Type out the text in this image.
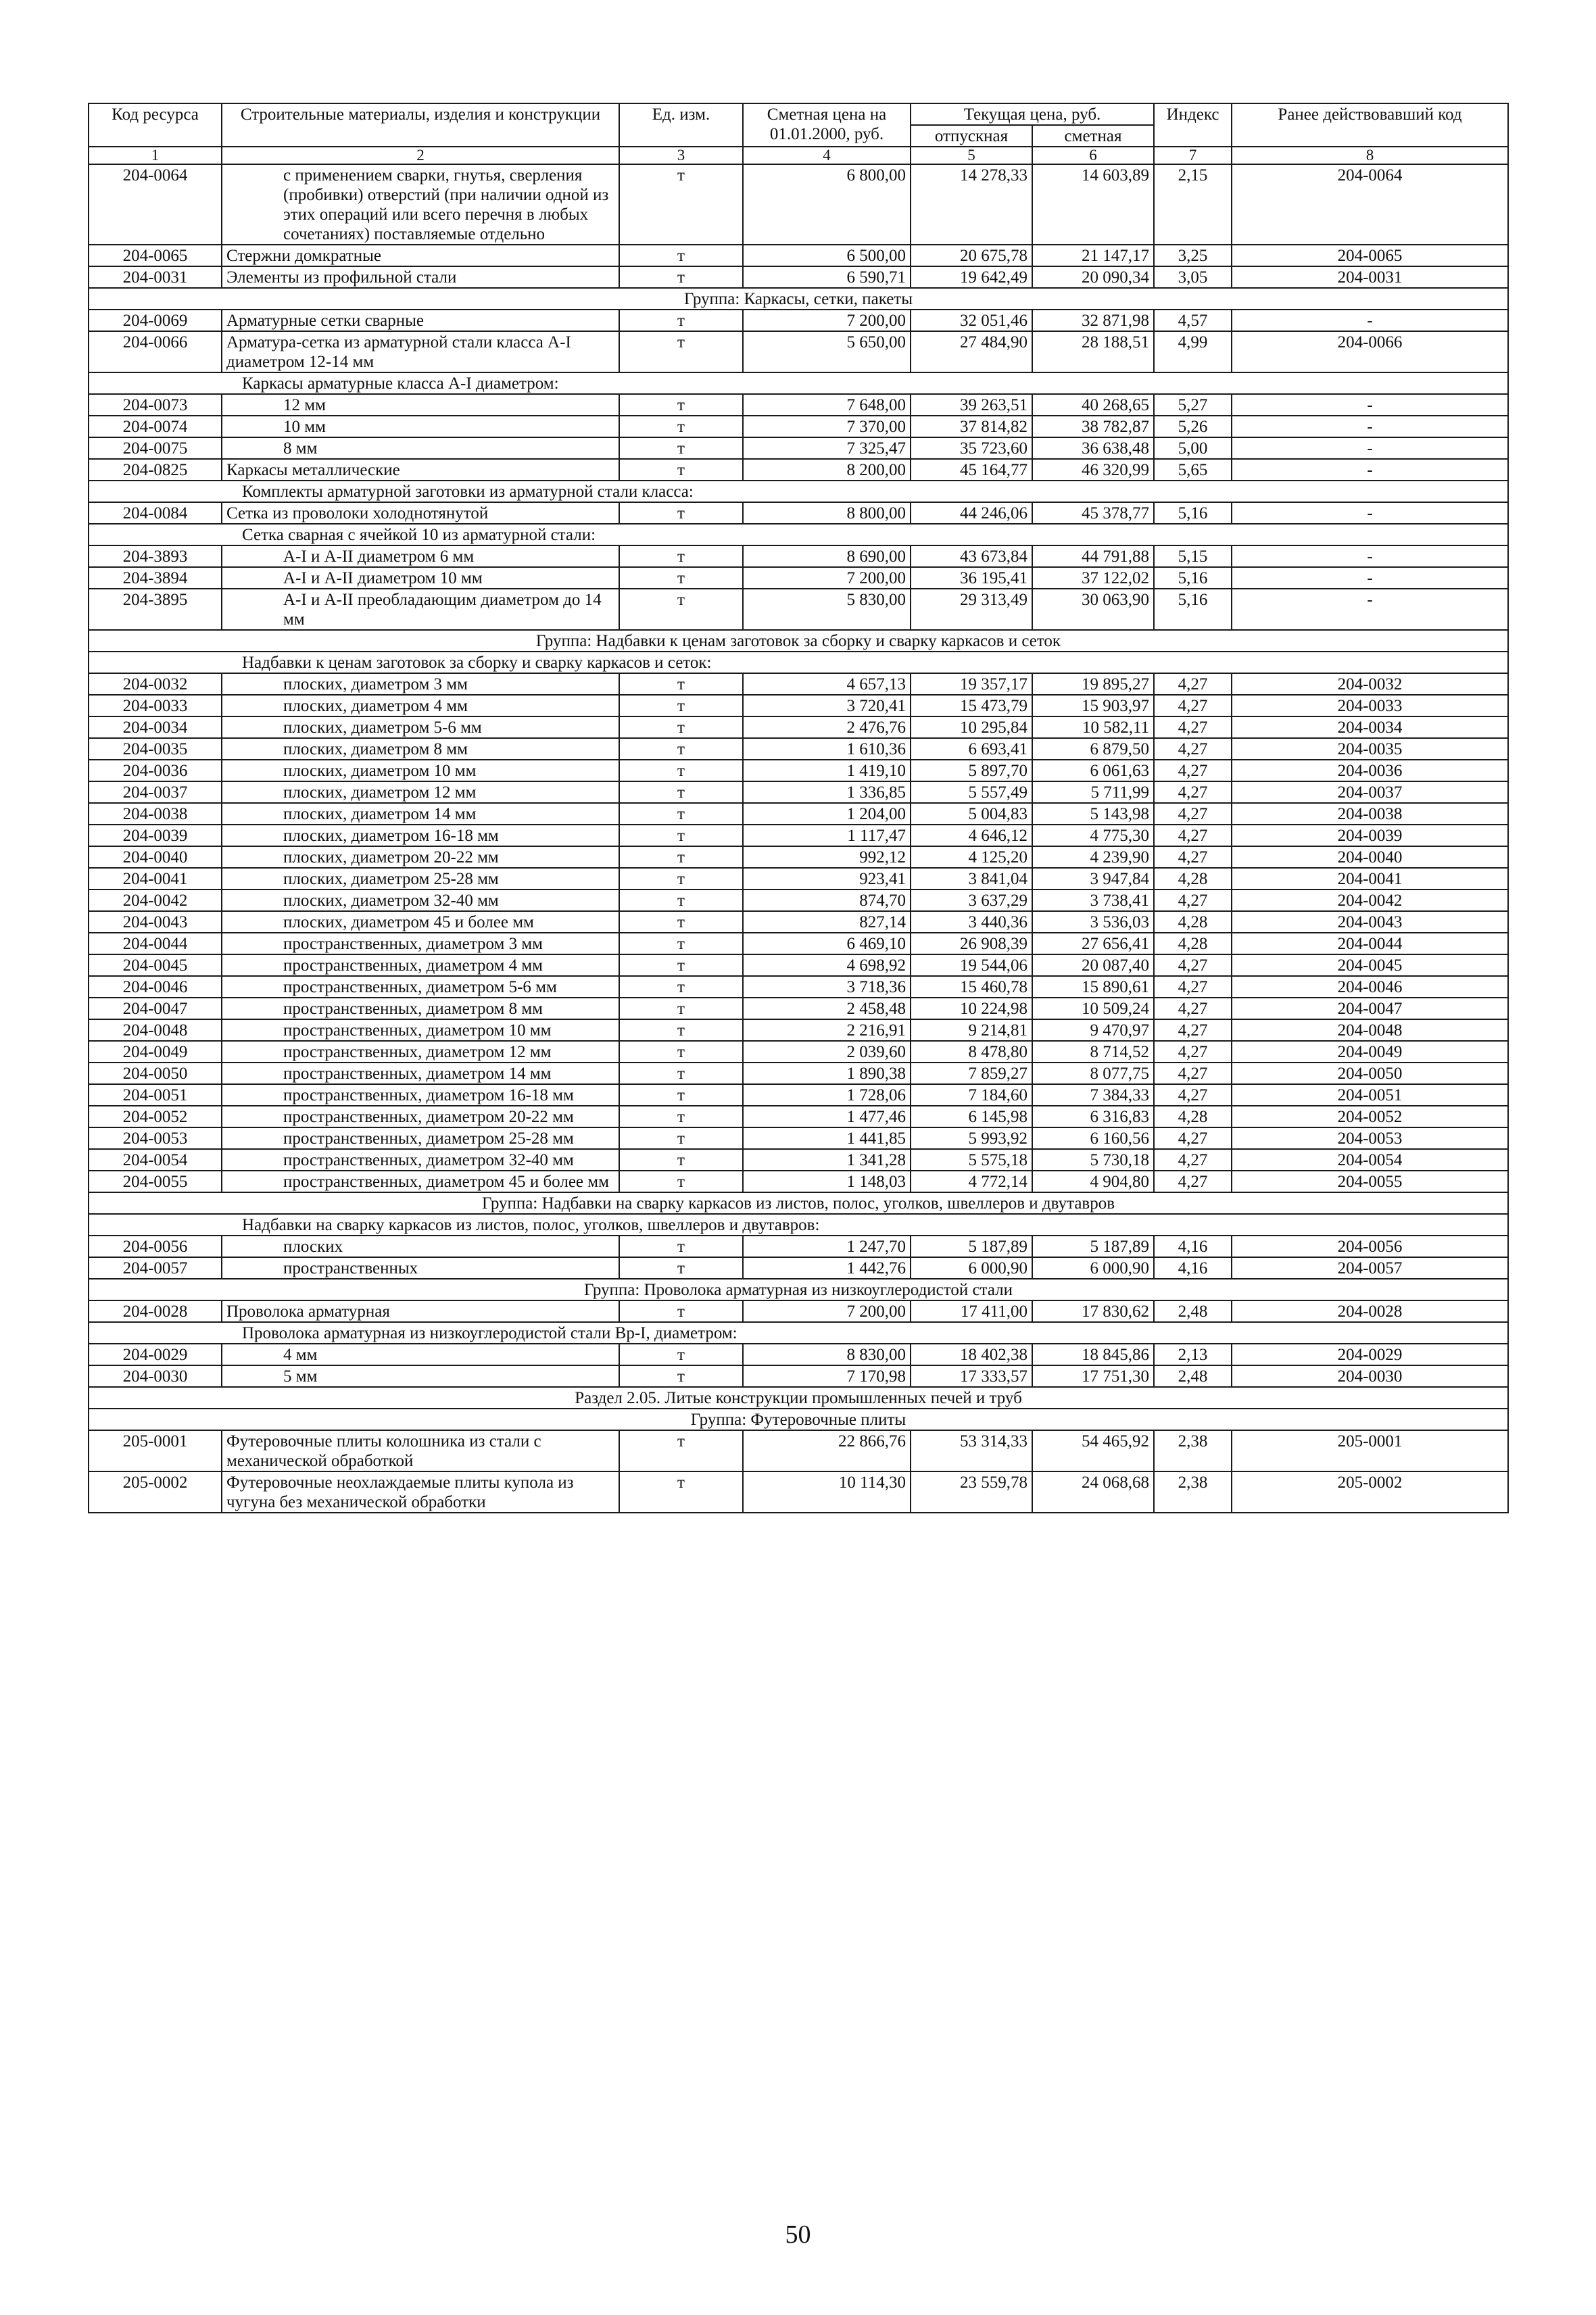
Код ресурса	Строительные материалы, изделия и конструкции	Ед. изм.	Сметная цена на 01.01.2000, руб.	Текущая цена, руб.		Индекс	Ранее действовавший код
				отпускная	сметная		
1	2	3	4	5	6	7	8
204-0064	с применением сварки, гнутья, сверления (пробивки) отверстий (при наличии одной из этих операций или всего перечня в любых сочетаниях) поставляемые отдельно	т	6 800,00	14 278,33	14 603,89	2,15	204-0064
204-0065	Стержни домкратные	т	6 500,00	20 675,78	21 147,17	3,25	204-0065
204-0031	Элементы из профильной стали	т	6 590,71	19 642,49	20 090,34	3,05	204-0031
Группа: Каркасы, сетки, пакеты							
204-0069	Арматурные сетки сварные	т	7 200,00	32 051,46	32 871,98	4,57	-
204-0066	Арматура-сетка из арматурной стали класса А-I диаметром 12-14 мм	т	5 650,00	27 484,90	28 188,51	4,99	204-0066
Каркасы арматурные класса А-I диаметром:							
204-0073	12 мм	т	7 648,00	39 263,51	40 268,65	5,27	-
204-0074	10 мм	т	7 370,00	37 814,82	38 782,87	5,26	-
204-0075	8 мм	т	7 325,47	35 723,60	36 638,48	5,00	-
204-0825	Каркасы металлические	т	8 200,00	45 164,77	46 320,99	5,65	-
Комплекты арматурной заготовки из арматурной стали класса:							
204-0084	Сетка из проволоки холоднотянутой	т	8 800,00	44 246,06	45 378,77	5,16	-
Сетка сварная с ячейкой 10 из арматурной стали:							
204-3893	А-I и А-II диаметром 6 мм	т	8 690,00	43 673,84	44 791,88	5,15	-
204-3894	А-I и А-II диаметром 10 мм	т	7 200,00	36 195,41	37 122,02	5,16	-
204-3895	А-I и А-II преобладающим диаметром до 14 мм	т	5 830,00	29 313,49	30 063,90	5,16	-
Группа: Надбавки к ценам заготовок за сборку и сварку каркасов и сеток							
Надбавки к ценам заготовок за сборку и сварку каркасов и сеток:							
204-0032	плоских, диаметром 3 мм	т	4 657,13	19 357,17	19 895,27	4,27	204-0032
204-0033	плоских, диаметром 4 мм	т	3 720,41	15 473,79	15 903,97	4,27	204-0033
204-0034	плоских, диаметром 5-6 мм	т	2 476,76	10 295,84	10 582,11	4,27	204-0034
204-0035	плоских, диаметром 8 мм	т	1 610,36	6 693,41	6 879,50	4,27	204-0035
204-0036	плоских, диаметром 10 мм	т	1 419,10	5 897,70	6 061,63	4,27	204-0036
204-0037	плоских, диаметром 12 мм	т	1 336,85	5 557,49	5 711,99	4,27	204-0037
204-0038	плоских, диаметром 14 мм	т	1 204,00	5 004,83	5 143,98	4,27	204-0038
204-0039	плоских, диаметром 16-18 мм	т	1 117,47	4 646,12	4 775,30	4,27	204-0039
204-0040	плоских, диаметром 20-22 мм	т	992,12	4 125,20	4 239,90	4,27	204-0040
204-0041	плоских, диаметром 25-28 мм	т	923,41	3 841,04	3 947,84	4,28	204-0041
204-0042	плоских, диаметром 32-40 мм	т	874,70	3 637,29	3 738,41	4,27	204-0042
204-0043	плоских, диаметром 45 и более мм	т	827,14	3 440,36	3 536,03	4,28	204-0043
204-0044	пространственных, диаметром 3 мм	т	6 469,10	26 908,39	27 656,41	4,28	204-0044
204-0045	пространственных, диаметром 4 мм	т	4 698,92	19 544,06	20 087,40	4,27	204-0045
204-0046	пространственных, диаметром 5-6 мм	т	3 718,36	15 460,78	15 890,61	4,27	204-0046
204-0047	пространственных, диаметром 8 мм	т	2 458,48	10 224,98	10 509,24	4,27	204-0047
204-0048	пространственных, диаметром 10 мм	т	2 216,91	9 214,81	9 470,97	4,27	204-0048
204-0049	пространственных, диаметром 12 мм	т	2 039,60	8 478,80	8 714,52	4,27	204-0049
204-0050	пространственных, диаметром 14 мм	т	1 890,38	7 859,27	8 077,75	4,27	204-0050
204-0051	пространственных, диаметром 16-18 мм	т	1 728,06	7 184,60	7 384,33	4,27	204-0051
204-0052	пространственных, диаметром 20-22 мм	т	1 477,46	6 145,98	6 316,83	4,28	204-0052
204-0053	пространственных, диаметром 25-28 мм	т	1 441,85	5 993,92	6 160,56	4,27	204-0053
204-0054	пространственных, диаметром 32-40 мм	т	1 341,28	5 575,18	5 730,18	4,27	204-0054
204-0055	пространственных, диаметром 45 и более мм	т	1 148,03	4 772,14	4 904,80	4,27	204-0055
Группа: Надбавки на сварку каркасов из листов, полос, уголков, швеллеров и двутавров							
Надбавки на сварку каркасов из листов, полос, уголков, швеллеров и двутавров:							
204-0056	плоских	т	1 247,70	5 187,89	5 187,89	4,16	204-0056
204-0057	пространственных	т	1 442,76	6 000,90	6 000,90	4,16	204-0057
Группа: Проволока арматурная из низкоуглеродистой стали							
204-0028	Проволока арматурная	т	7 200,00	17 411,00	17 830,62	2,48	204-0028
Проволока арматурная из низкоуглеродистой стали Вр-I, диаметром:							
204-0029	4 мм	т	8 830,00	18 402,38	18 845,86	2,13	204-0029
204-0030	5 мм	т	7 170,98	17 333,57	17 751,30	2,48	204-0030
Раздел 2.05. Литые конструкции промышленных печей и труб							
Группа: Футеровочные плиты							
205-0001	Футеровочные плиты колошника из стали с механической обработкой	т	22 866,76	53 314,33	54 465,92	2,38	205-0001
205-0002	Футеровочные неохлаждаемые плиты купола из чугуна без механической обработки	т	10 114,30	23 559,78	24 068,68	2,38	205-0002
50
